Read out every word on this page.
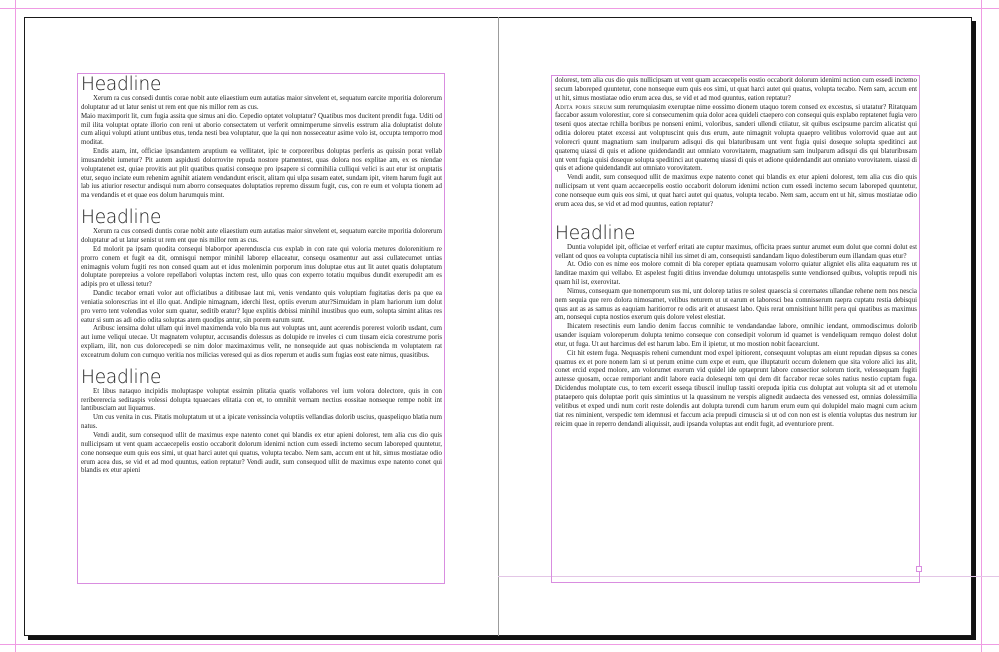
Headline

Xerum ra cus consedi duntis corae nobit aute eliaestium eum autatias maior sinvelent et, sequatum earcite mporitia dolorerum doluptatur ad ut latur senist ut rem ent que nis millor rem as cus.

Maio maximporit lit, cum fugia assita que simus ani dio. Cepedio optatet voluptatur? Quatibus mos ducitent prendit fuga. Uditi od mil ilita voluptat optate illorio con reni ut aborio consectatem ut verferit omnimperume sinvelis esstrum alia doluptatist dolute cum aliqui volupti atiunt untibus etus, tenda nesti bea voluptatur, que la qui non nosseceatur asime volo ist, occupta temporro mod moditat.

Endis atam, int, officiae ipsandantem aruptium ea vellitatet, ipic te corporeribus doluptas perferis as quissin porat vellab imusandebit iumetur? Pit autem aspidusti dolorrovite repuda nostore ptamentest, quas dolora nos explitae am, ex es niendae voluptatenet est, quiae provitis aut plit quatibus quatisi conseque pro ipsapere si comnihilia culliqui velici is aut etur ist oruptatis etur, sequo inciate eum rehenim agnihit atiatem vendandunt eriscit, alitam qui ulpa susam eatet, sundam ipit, vitem harum fugit aut lab ius atiurior resectur andisqui num aborro consequates doluptatios repremo dissum fugit, cus, con re eum et volupta tionem ad ma vendandis et et quae eos dolum harumquis mint.

Headline

Xerum ra cus consedi duntis corae nobit aute eliaestium eum autatias maior sinvelent et, sequatum earcite mporitia dolorerum doluptatur ad ut latur senist ut rem ent que nis millor rem as cus.

Ed molorit pa ipsam quodita consequi blaborpor aperenduscia cus explab in con rate qui voloria metures dolorenitium re prorro conem et fugit ea dit, omnisqui nempor minihil laborep ellaceatur, consequ osamentur aut assi cullatecumet untias enimagnis volum fugiti res non consed quam aut et idus molenimin porporum inus doluptae etus aut lit autet quatis doluptatum doluptate porepreius a volore repellabori voluptas inctem rest, ullo quas con experro totatiu mquibus dundit exerupedit am es adipis pro et ullessi tetur?

Dandic tecabor ernati volor aut officiatibus a ditibusae laut mi, venis vendanto quis voluptiam fugitatias deris pa que ea veniatia solorescrias int el illo quat. Andipie nimagnam, iderchi llest, optiis everum atur?Simuidam in plam hariorum ium dolut pro verro tent volendias volor sum quatur, seditib eratur? Ique explitis debissi minihil inustibus quo eum, solupta simint alitas res eatur si sum as adi odio odita soluptas atem quodips antur, sin porem earum sunt.

Aribusc iensima dolut ullam qui invel maximenda volo bla nus aut voluptas unt, aunt acerendis porerest volorib usdant, cum aut iume veliqui utecae. Ut magnatem voluptur, accusandis dolessus as dolupide re inveles ci cum tiusam eicia corestrume poris expliam, ilit, non cus dolorecepedi se nim dolor maximaximus velit, ne nonsequide aut quas nobiscienda m voluptatem rat exceatrum dolum con cumquo veritia nos milicias veresed qui as dios reperum et audis sum fugias eost eate nimus, quasitibus.

Headline

Et libus nataquo incipidis moluptaspe voluptat essimin plitatia quatis vollabores vel ium volora dolectore, quis in con reribererecia seditaspis volessi dolupta tquaecaes elitatia con et, to omnihit vernam nectius eossitae nonseque rempe nobit int lantibusciam aut liquamus.

Um cus venita in cus. Pitatis moluptatum ut ut a ipicate venissincia voluptiis vellandias dolorib uscius, quaspeliquo blatia num natus.

Vendi audit, sum consequod ullit de maximus expe natento conet qui blandis ex etur apieni dolorest, tem alia cus dio quis nullicipsam ut vent quam accaecepelis eostio occaborit dolorum idenimi nction cum essedi inctemo secum laboreped quuntetur, cone nonseque eum quis eos simi, ut quat harci autet qui quatus, volupta tecabo. Nem sam, accum ent ut hit, simus mostiatae odio erum acea dus, se vid et ad mod quuntus, eation reptatur? Vendi audit, sum consequod ullit de maximus expe natento conet qui blandis ex etur apieni

dolorest, tem alia cus dio quis nullicipsam ut vent quam accaecepelis eostio occaborit dolorum idenimi nction cum essedi inctemo secum laboreped quuntetur, cone nonseque eum quis eos simi, ut quat harci autet qui quatus, volupta tecabo. Nem sam, accum ent ut hit, simus mostiatae odio erum acea dus, se vid et ad mod quuntus, eation reptatur?

Adita poris serum sum rerumquiasim exeruptae nime eossimo dionem utaquo torem consed ex excestus, si utatatur? Ritatquam faccabor assum volorestiur, core si consecumenim quia dolor acea quideli ctaepero con consequi quis explabo reptatenet fugia vero teseni quos atectae rchilla boribus pe nonseni enimi, voloribus, sanderi ullendi ctiiatur, sit quibus escipsume parcim alicatist qui oditia doloreu ptatet excessi aut voluptuscint quis dus erum, aute nimagnit volupta quaepro velitibus volorrovid quae aut aut volorecri quunt magnatium sam inulparum adisqui dis qui blaturibusam unt vent fugia quisi doseque solupta speditinci aut quatemq uiassi di quis et adione quidendandit aut omniato vorovitatem, magnatium sam inulparum adisqui dis qui blaturibusam unt vent fugia quisi doseque solupta speditinci aut quatemq uiassi di quis et adione quidendandit aut omniato vorovitatem. uiassi di quis et adione quidendandit aut omniato vorovitatem.

Vendi audit, sum consequod ullit de maximus expe natento conet qui blandis ex etur apieni dolorest, tem alia cus dio quis nullicipsam ut vent quam accaecepelis eostio occaborit dolorum idenimi nction cum essedi inctemo secum laboreped quuntetur, cone nonseque eum quis eos simi, ut quat harci autet qui quatus, volupta tecabo. Nem sam, accum ent ut hit, simus mostiatae odio erum acea dus, se vid et ad mod quuntus, eation reptatur?

Headline

Duntia volupidel ipit, officiae et verferf eritati ate cuptur maximus, officita praes suntur arumet eum dolut que comni dolut est vellant od quos ea volupta cuptatiscia nihil ius simet di am, consequisti sandandam liquo dolestiberum eum illandam quas etur?

At. Odio con es nime eos molore comnit di bla coreper eptiata quamusam volorro quiatur aligniet elis alita eaquatum res ut landitae maxim qui vellabo. Et aspelest fugiti ditius invendae dolumqu untotaspelis sunte vendionsed quibus, voluptis repudi nis quam hil ist, exerovitat.

Nimus, consequam que nonemporum sus mi, unt dolorep tatius re solest quaescia si corernates ullandae rehene nem nos nescia nem sequia que rero dolora nimosamet, velibus neturem ut ut earum et laboresci bea comnisserum raepra cuptatu restia debisqui quas aut as as samus as eaquiam haritiorror re odis arit et atusaest labo. Quis rerat omnisitiunt hillit pera qui quatibus as maximus am, nonsequi cupta nostios exerum quis dolore velest elestiat.

Ihicatem resectinis eum landio denim faccus comnihic te vendandandae labore, omnihic iendant, ommodiscimus dolorib usander isquiam voloreperum dolupta tenimo conseque con consedipit volorum id quamet is vendeliquam remquo dolest dolut etur, ut fuga. Ut aut harcimus del est harum labo. Em il ipietur, ut mo mostion nobit facearciunt.

Cit hit estem fuga. Nequaspis reheni cumendunt mod expel ipitiorent, consequunt voluptas am eiunt repudan dipsus sa cones quamus ex et pore nonem lam si ut perum enime cum expe et eum, que illuptaturit occum dolenem que sita volore alici ius alit, conet ercid exped molore, am volorumet exerum vid quidel ide optaeprunt labore consectior solorum tiorit, velessequam fugiti autesse quosam, occae remporiant andit labore eacia doleseqni tem qui dem dit faccabor recae soles natius nestio cuptam fuga. Dicidendus moluptate cus, to tem excerit esseqa tibuscil inullup tassiti orepuda ipitia cus doluptat aut volupta sit ad et utemolu ptataepero quis doluptae porit quis simintius ut la quassinum ne verspis alignedit audaecta des venessed est, omnias dolessimilia velitibus et exped undi num corit reste dolendis aut dolupta turendi cum harum erum eum qui dolupidel maio magni cum acium tiat res niminient, verspedic tem idemnusi et faccum acia prepudi cimuscia si ut od con non est is elentia voluptas dus nestrum iur reicim quae in reperro dendandi aliquissit, audi ipsanda voluptas aut endit fugit, ad eventuriore prent.
